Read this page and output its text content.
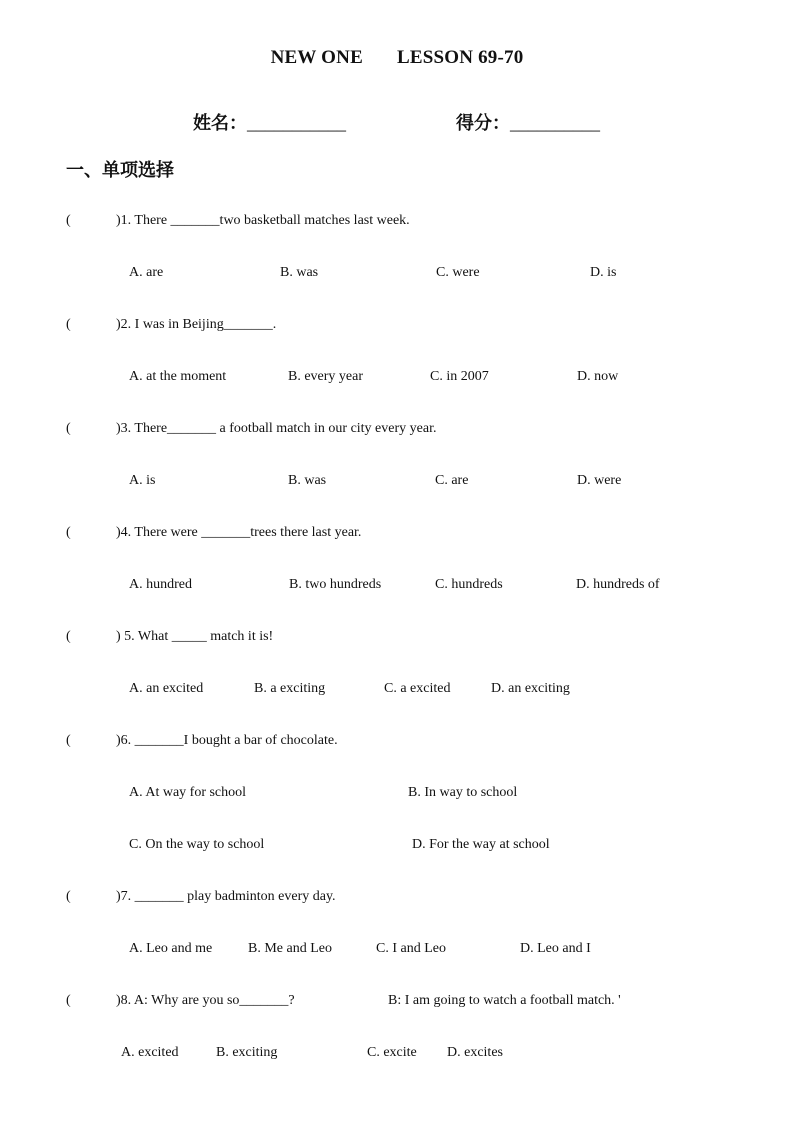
NEW ONE LESSON 69-70
姓名：___________	得分：__________
一、单项选择
(	)1. There _______two basketball matches last week.
A. are	B. was	C. were	D. is
(	)2. I was in Beijing_______.
A. at the moment	B. every year	C. in 2007	D. now
(	)3. There_______ a football match in our city every year.
A. is	B. was	C. are	D. were
(	)4. There were _______trees there last year.
A. hundred	B. two hundreds	C. hundreds	D. hundreds of
(	) 5. What _____ match it is!
A. an excited	B. a exciting	C. a excited	D. an exciting
(	)6. _______I bought a bar of chocolate.
A. At way for school	B. In way to school
C. On the way to school	D. For the way at school
(	)7. _______ play badminton every day.
A. Leo and me	B. Me and Leo	C. I and Leo	D. Leo and I
(	)8. A: Why are you so_______?	B: I am going to watch a football match. '
A. excited	B. exciting	C. excite D. excites
